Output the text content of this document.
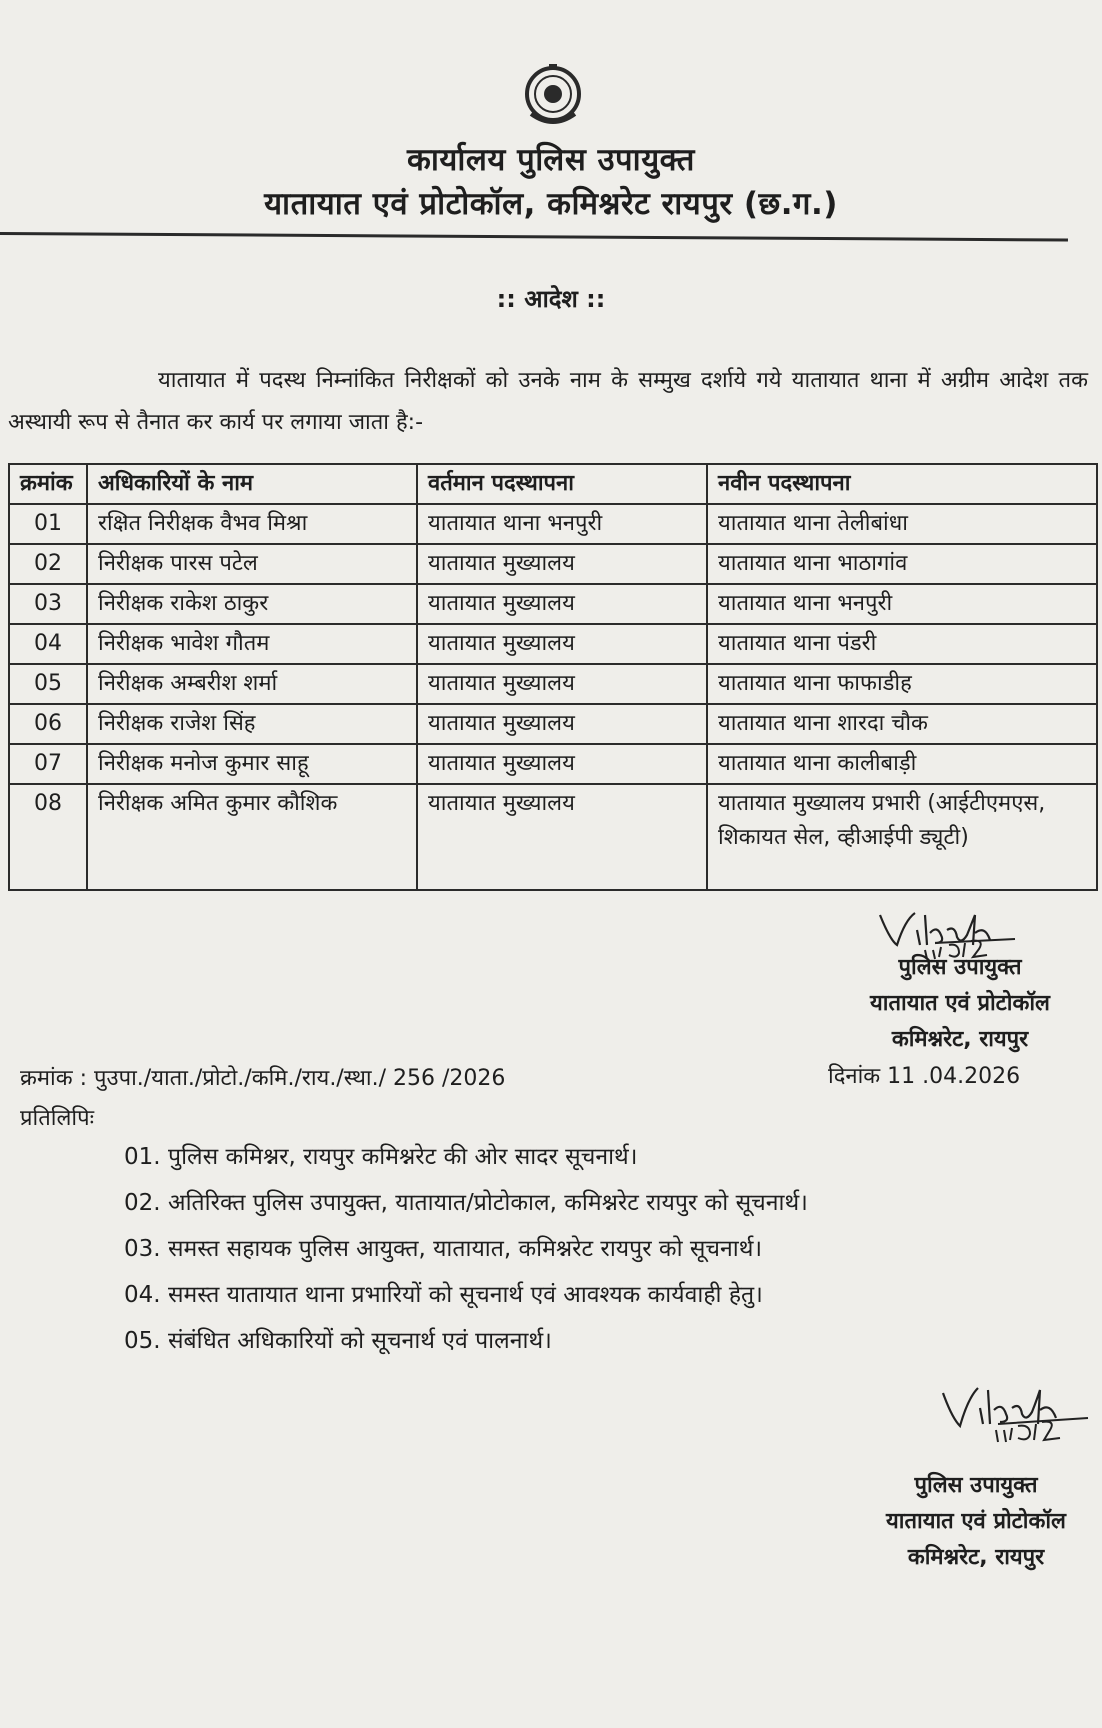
कार्यालय पुलिस उपायुक्त
यातायात एवं प्रोटोकॉल, कमिश्नरेट रायपुर (छ.ग.)
:: आदेश ::
यातायात में पदस्थ निम्नांकित निरीक्षकों को उनके नाम के सम्मुख दर्शाये गये यातायात थाना में अग्रीम आदेश तक अस्थायी रूप से तैनात कर कार्य पर लगाया जाता है:-
क्रमांक	अधिकारियों के नाम	वर्तमान पदस्थापना	नवीन पदस्थापना
01	रक्षित निरीक्षक वैभव मिश्रा	यातायात थाना भनपुरी	यातायात थाना तेलीबांधा
02	निरीक्षक पारस पटेल	यातायात मुख्यालय	यातायात थाना भाठागांव
03	निरीक्षक राकेश ठाकुर	यातायात मुख्यालय	यातायात थाना भनपुरी
04	निरीक्षक भावेश गौतम	यातायात मुख्यालय	यातायात थाना पंडरी
05	निरीक्षक अम्बरीश शर्मा	यातायात मुख्यालय	यातायात थाना फाफाडीह
06	निरीक्षक राजेश सिंह	यातायात मुख्यालय	यातायात थाना शारदा चौक
07	निरीक्षक मनोज कुमार साहू	यातायात मुख्यालय	यातायात थाना कालीबाड़ी
08	निरीक्षक अमित कुमार कौशिक	यातायात मुख्यालय	यातायात मुख्यालय प्रभारी (आईटीएमएस, शिकायत सेल, व्हीआईपी ड्यूटी)
पुलिस उपायुक्त
यातायात एवं प्रोटोकॉल
कमिश्नरेट, रायपुर
क्रमांक : पुउपा./याता./प्रोटो./कमि./राय./स्था./ 256 /2026	दिनांक 11 .04.2026
प्रतिलिपिः
01. पुलिस कमिश्नर, रायपुर कमिश्नरेट की ओर सादर सूचनार्थ।
02. अतिरिक्त पुलिस उपायुक्त, यातायात/प्रोटोकाल, कमिश्नरेट रायपुर को सूचनार्थ।
03. समस्त सहायक पुलिस आयुक्त, यातायात, कमिश्नरेट रायपुर को सूचनार्थ।
04. समस्त यातायात थाना प्रभारियों को सूचनार्थ एवं आवश्यक कार्यवाही हेतु।
05. संबंधित अधिकारियों को सूचनार्थ एवं पालनार्थ।
पुलिस उपायुक्त
यातायात एवं प्रोटोकॉल
कमिश्नरेट, रायपुर
